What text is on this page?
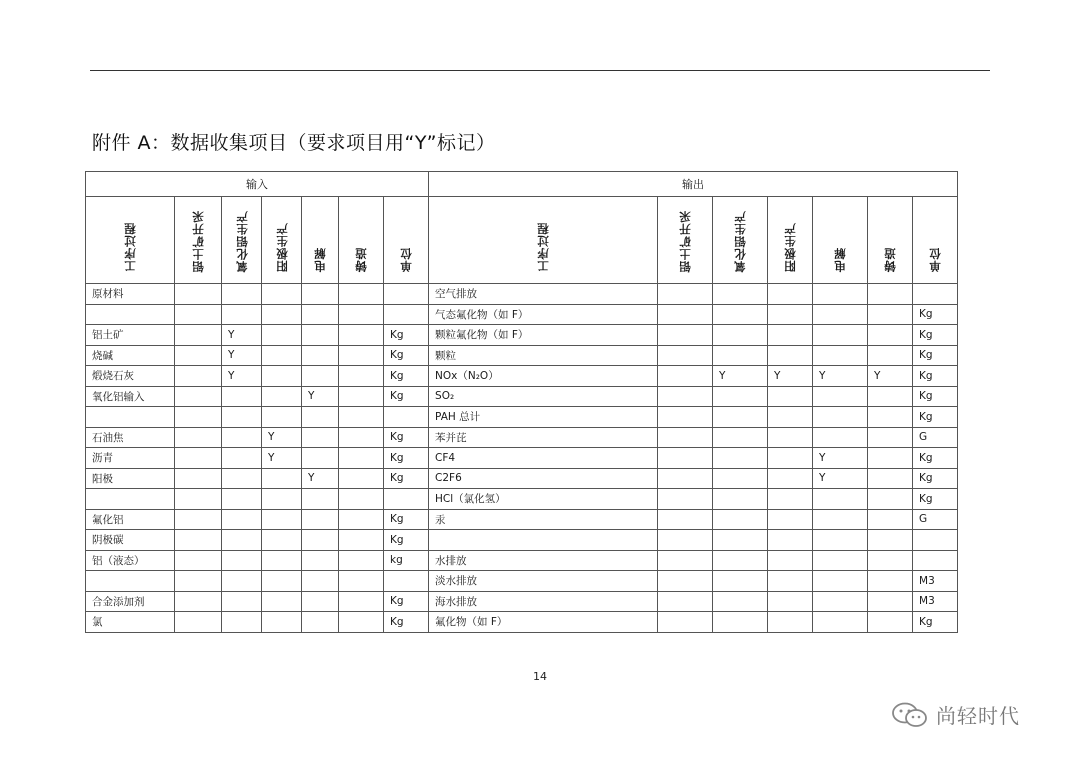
附件 A：数据收集项目（要求项目用“Y”标记）
输入							输出						
工序过程	铝土矿开采	氧化铝生产	阳极生产	电解	铸造	单位	工序过程	铝土矿开采	氧化铝生产	阳极生产	电解	铸造	单位
原材料							空气排放						
							气态氟化物（如 F）						Kg
铝土矿		Y				Kg	颗粒氟化物（如 F）						Kg
烧碱		Y				Kg	颗粒						Kg
煅烧石灰		Y				Kg	NOx（N₂O）		Y	Y	Y	Y	Kg
氧化铝输入				Y		Kg	SO₂						Kg
							PAH 总计						Kg
石油焦			Y			Kg	苯并芘						G
沥青			Y			Kg	CF4				Y		Kg
阳极				Y		Kg	C2F6				Y		Kg
							HCl（氯化氢）						Kg
氟化铝						Kg	汞						G
阴极碳						Kg							
铝（液态）						kg	水排放						
							淡水排放						M3
合金添加剂						Kg	海水排放						M3
氯						Kg	氟化物（如 F）						Kg
14
尚轻时代
